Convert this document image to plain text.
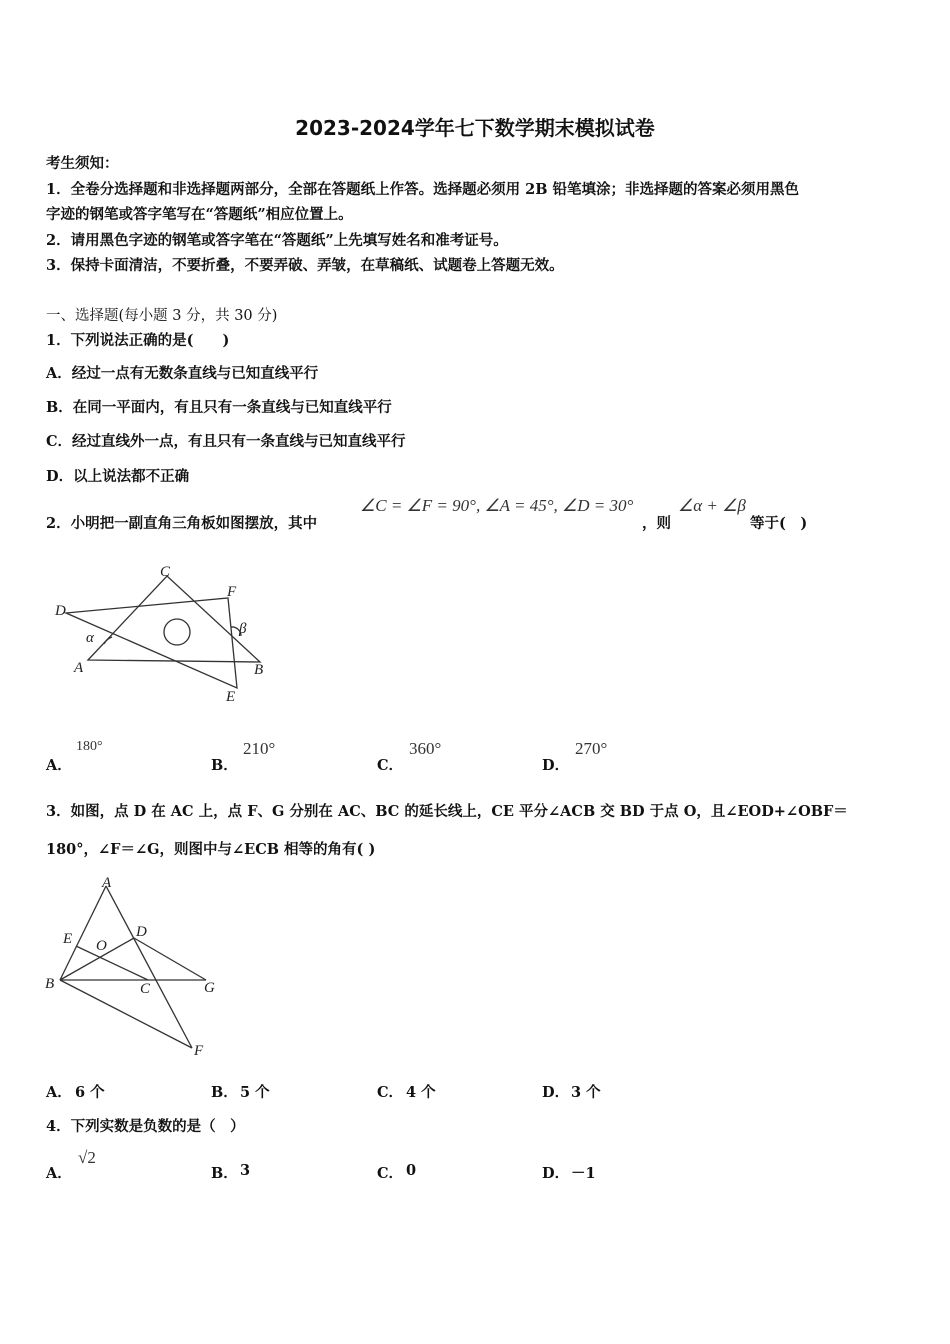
2023-2024学年七下数学期末模拟试卷
考生须知：
1．全卷分选择题和非选择题两部分，全部在答题纸上作答。选择题必须用 2B 铅笔填涂；非选择题的答案必须用黑色
字迹的钢笔或答字笔写在“答题纸”相应位置上。
2．请用黑色字迹的钢笔或答字笔在“答题纸”上先填写姓名和准考证号。
3．保持卡面清洁，不要折叠，不要弄破、弄皱，在草稿纸、试题卷上答题无效。
一、选择题(每小题 3 分，共 30 分)
1．下列说法正确的是(　　)
A．经过一点有无数条直线与已知直线平行
B．在同一平面内，有且只有一条直线与已知直线平行
C．经过直线外一点，有且只有一条直线与已知直线平行
D．以上说法都不正确
2．小明把一副直角三角板如图摆放，其中
∠C = ∠F = 90°, ∠A = 45°, ∠D = 30°
，则
∠α + ∠β
等于(　)
C
F
D
α
β
A	B
E
A．
180°
B．
210°
C．
360°
D．
270°
3．如图，点 D 在 AC 上，点 F、G 分别在 AC、BC 的延长线上，CE 平分∠ACB 交 BD 于点 O，且∠EOD+∠OBF＝
180°，∠F＝∠G，则图中与∠ECB 相等的角有( )
A
E O
D
B	C	G
F
A． 6 个	B． 5 个	C． 4 个	D． 3 个
4．下列实数是负数的是（　）
A．
√2
B． 3	C． 0	D． －1
